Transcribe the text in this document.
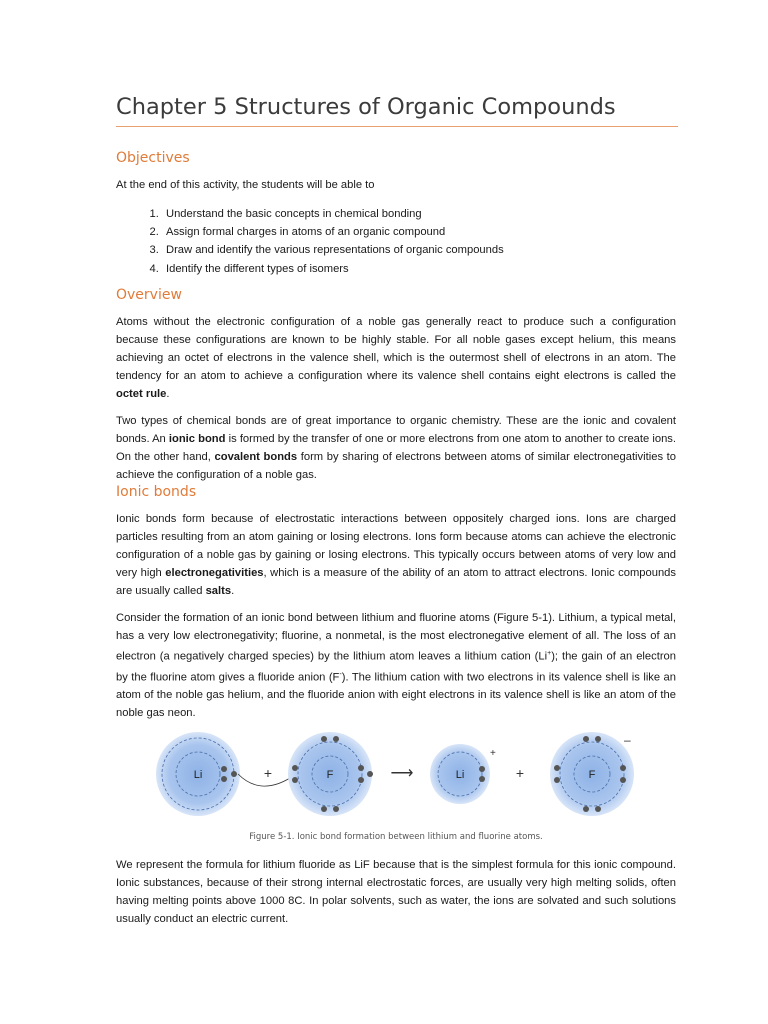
Chapter 5 Structures of Organic Compounds
Objectives
At the end of this activity, the students will be able to
1. Understand the basic concepts in chemical bonding
2. Assign formal charges in atoms of an organic compound
3. Draw and identify the various representations of organic compounds
4. Identify the different types of isomers
Overview
Atoms without the electronic configuration of a noble gas generally react to produce such a configuration because these configurations are known to be highly stable. For all noble gases except helium, this means achieving an octet of electrons in the valence shell, which is the outermost shell of electrons in an atom. The tendency for an atom to achieve a configuration where its valence shell contains eight electrons is called the octet rule.
Two types of chemical bonds are of great importance to organic chemistry. These are the ionic and covalent bonds. An ionic bond is formed by the transfer of one or more electrons from one atom to another to create ions. On the other hand, covalent bonds form by sharing of electrons between atoms of similar electronegativities to achieve the configuration of a noble gas.
Ionic bonds
Ionic bonds form because of electrostatic interactions between oppositely charged ions. Ions are charged particles resulting from an atom gaining or losing electrons. Ions form because atoms can achieve the electronic configuration of a noble gas by gaining or losing electrons. This typically occurs between atoms of very low and very high electronegativities, which is a measure of the ability of an atom to attract electrons. Ionic compounds are usually called salts.
Consider the formation of an ionic bond between lithium and fluorine atoms (Figure 5-1). Lithium, a typical metal, has a very low electronegativity; fluorine, a nonmetal, is the most electronegative element of all. The loss of an electron (a negatively charged species) by the lithium atom leaves a lithium cation (Li+); the gain of an electron by the fluorine atom gives a fluoride anion (F-). The lithium cation with two electrons in its valence shell is like an atom of the noble gas helium, and the fluoride anion with eight electrons in its valence shell is like an atom of the noble gas neon.
Li	+	F	⟶	Li
+
+	F
–
Figure 5-1. Ionic bond formation between lithium and fluorine atoms.
We represent the formula for lithium fluoride as LiF because that is the simplest formula for this ionic compound. Ionic substances, because of their strong internal electrostatic forces, are usually very high melting solids, often having melting points above 1000 8C. In polar solvents, such as water, the ions are solvated and such solutions usually conduct an electric current.
